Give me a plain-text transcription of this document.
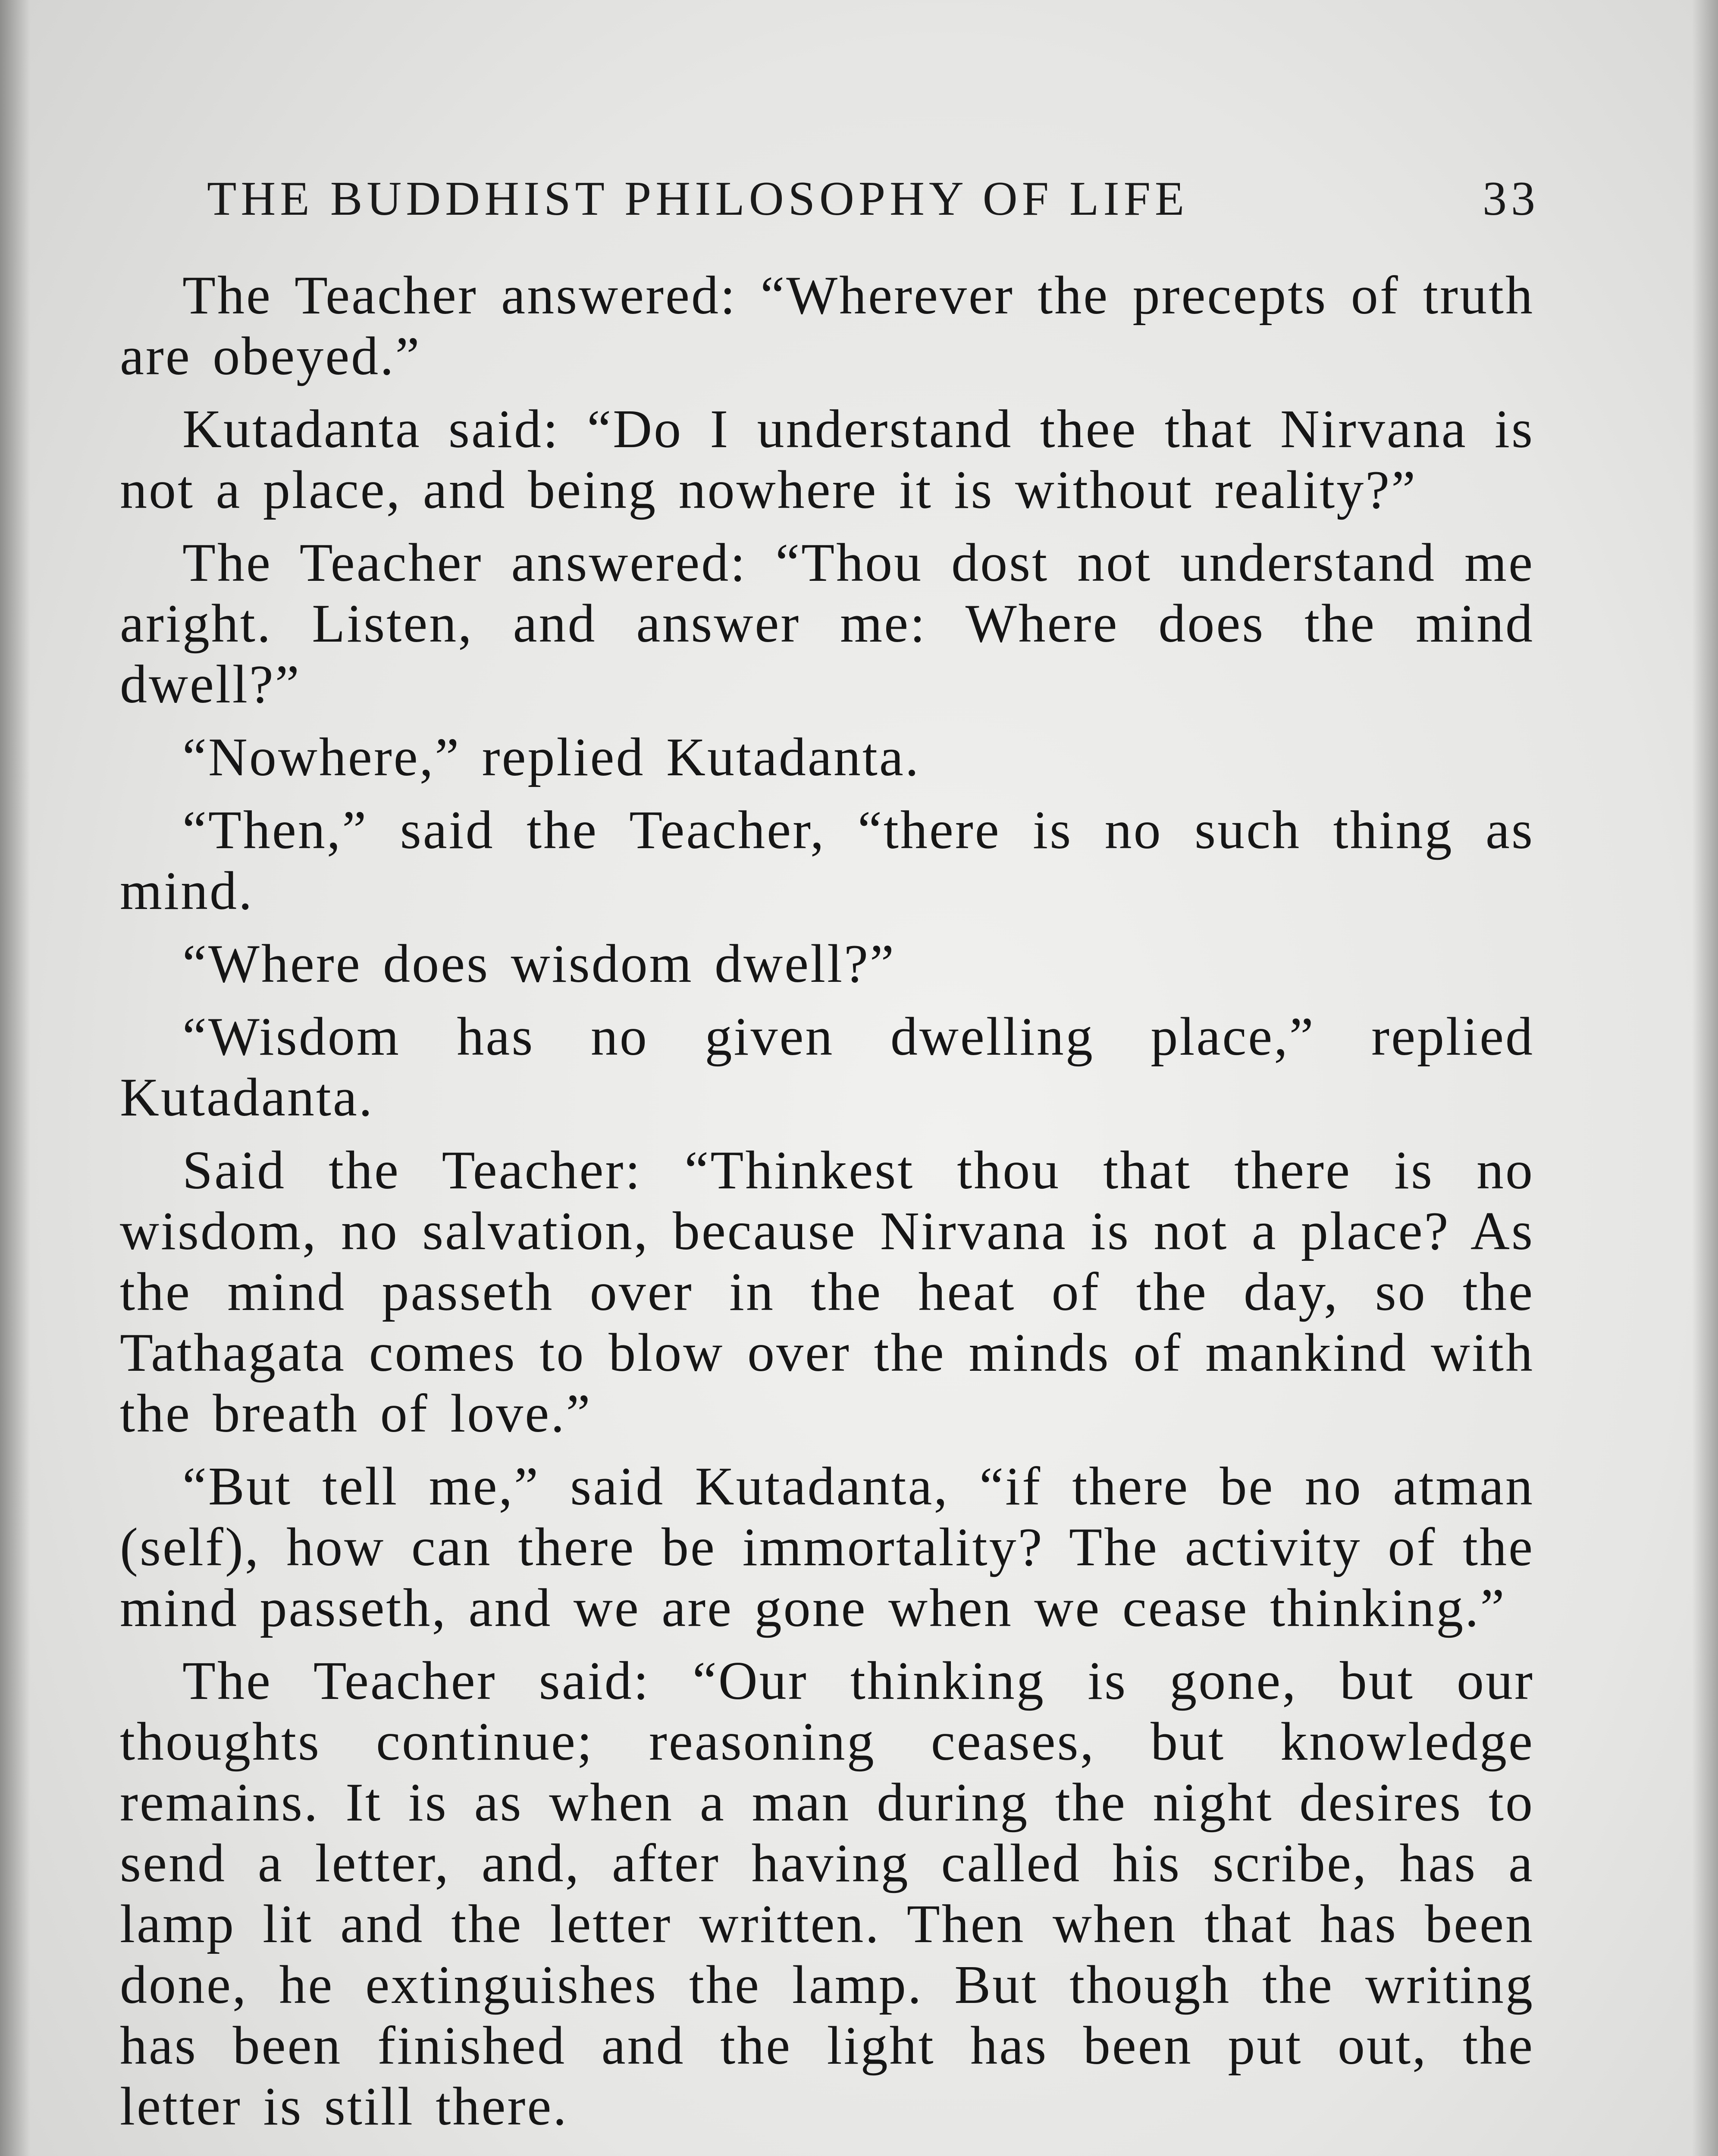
THE BUDDHIST PHILOSOPHY OF LIFE	33

The Teacher answered: “Wherever the precepts of truth are obeyed.”

Kutadanta said: “Do I understand thee that Nirvana is not a place, and being nowhere it is without reality?”

The Teacher answered: “Thou dost not understand me aright. Listen, and answer me: Where does the mind dwell?”

“Nowhere,” replied Kutadanta.

“Then,” said the Teacher, “there is no such thing as mind.

“Where does wisdom dwell?”

“Wisdom has no given dwelling place,” replied Kutadanta.

Said the Teacher: “Thinkest thou that there is no wisdom, no salvation, because Nirvana is not a place? As the mind passeth over in the heat of the day, so the Tathagata comes to blow over the minds of mankind with the breath of love.”

“But tell me,” said Kutadanta, “if there be no atman (self), how can there be immortality? The activity of the mind passeth, and we are gone when we cease thinking.”

The Teacher said: “Our thinking is gone, but our thoughts continue; reasoning ceases, but knowledge remains. It is as when a man during the night desires to send a letter, and, after having called his scribe, has a lamp lit and the letter written. Then when that has been done, he extinguishes the lamp. But though the writing has been finished and the light has been put out, the letter is still there.
